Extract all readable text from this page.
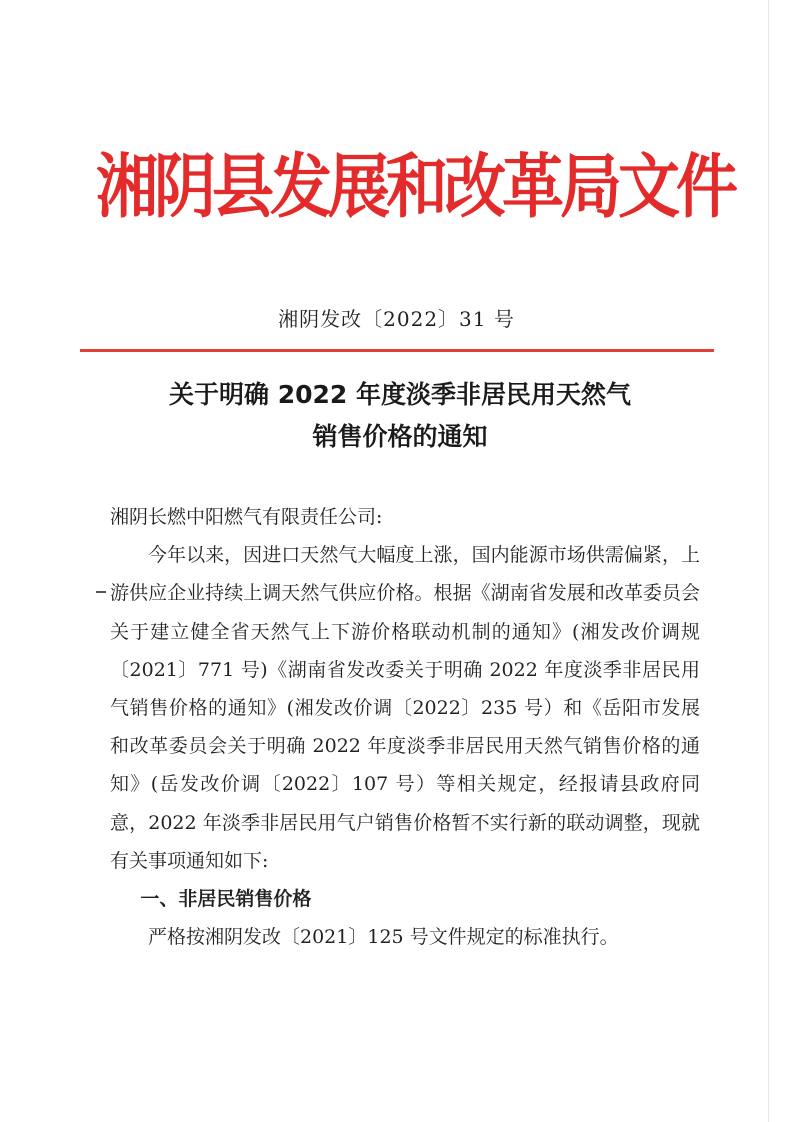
湘阴县发展和改革局文件
湘阴发改〔2022〕31 号
关于明确 2022 年度淡季非居民用天然气
销售价格的通知

湘阴长燃中阳燃气有限责任公司:

今年以来，因进口天然气大幅度上涨，国内能源市场供需偏紧，上游供应企业持续上调天然气供应价格。根据《湖南省发展和改革委员会关于建立健全省天然气上下游价格联动机制的通知》(湘发改价调规〔2021〕771 号)《湖南省发改委关于明确 2022 年度淡季非居民用气销售价格的通知》(湘发改价调〔2022〕235 号）和《岳阳市发展和改革委员会关于明确 2022 年度淡季非居民用天然气销售价格的通知》(岳发改价调〔2022〕107 号）等相关规定，经报请县政府同意，2022 年淡季非居民用气户销售价格暂不实行新的联动调整，现就有关事项通知如下:

一、非居民销售价格

严格按湘阴发改〔2021〕125 号文件规定的标准执行。
